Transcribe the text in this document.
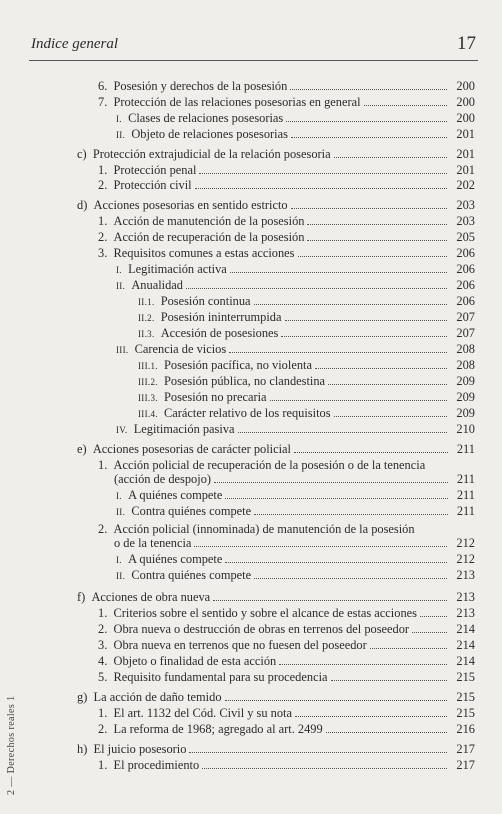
Indice general	17
2 — Derechos reales 1
6.  Posesión y derechos de la posesión	200
7.  Protección de las relaciones posesorias en general	200
I.  Clases de relaciones posesorias	200
II.  Objeto de relaciones posesorias	201
c)  Protección extrajudicial de la relación posesoria	201
1.  Protección penal	201
2.  Protección civil	202
d)  Acciones posesorias en sentido estricto	203
1.  Acción de manutención de la posesión	203
2.  Acción de recuperación de la posesión	205
3.  Requisitos comunes a estas acciones	206
I.  Legitimación activa	206
II.  Anualidad	206
II.1.  Posesión continua	206
II.2.  Posesión ininterrumpida	207
II.3.  Accesión de posesiones	207
III.  Carencia de vicios	208
III.1.  Posesión pacífica, no violenta	208
III.2.  Posesión pública, no clandestina	209
III.3.  Posesión no precaria	209
III.4.  Carácter relativo de los requisitos	209
IV.  Legitimación pasiva	210
e)  Acciones posesorias de carácter policial	211
1.  Acción policial de recuperación de la posesión o de la tenencia
(acción de despojo)	211
I.  A quiénes compete	211
II.  Contra quiénes compete	211
2.  Acción policial (innominada) de manutención de la posesión
o de la tenencia	212
I.  A quiénes compete	212
II.  Contra quiénes compete	213
f)  Acciones de obra nueva	213
1.  Criterios sobre el sentido y sobre el alcance de estas acciones	213
2.  Obra nueva o destrucción de obras en terrenos del poseedor	214
3.  Obra nueva en terrenos que no fuesen del poseedor	214
4.  Objeto o finalidad de esta acción	214
5.  Requisito fundamental para su procedencia	215
g)  La acción de daño temido	215
1.  El art. 1132 del Cód. Civil y su nota	215
2.  La reforma de 1968; agregado al art. 2499	216
h)  El juicio posesorio	217
1.  El procedimiento	217
